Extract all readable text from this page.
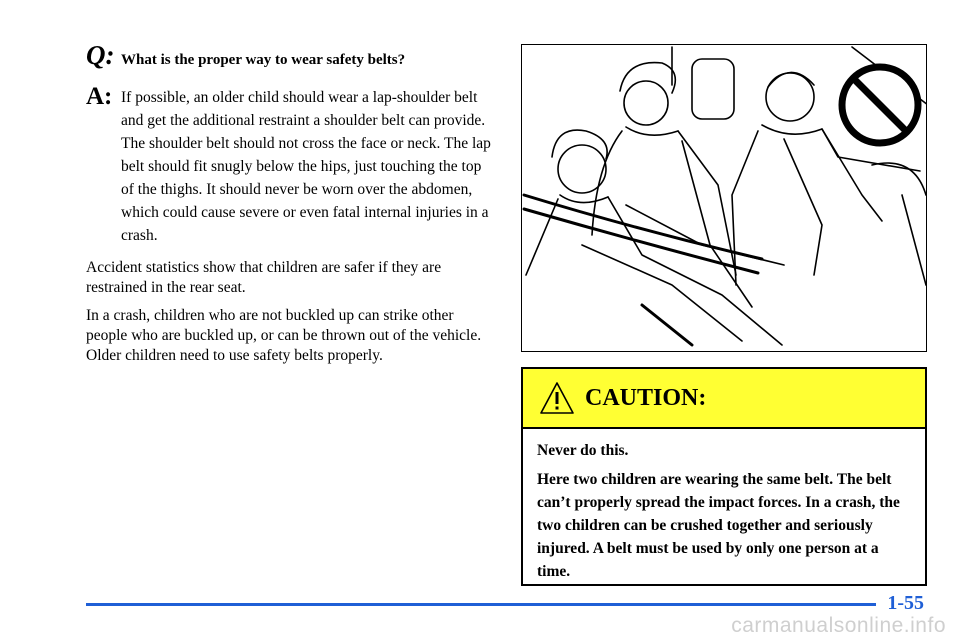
Q: What is the proper way to wear safety belts?
A: If possible, an older child should wear a lap-shoulder belt and get the additional restraint a shoulder belt can provide. The shoulder belt should not cross the face or neck. The lap belt should fit snugly below the hips, just touching the top of the thighs. It should never be worn over the abdomen, which could cause severe or even fatal internal injuries in a crash.

Accident statistics show that children are safer if they are restrained in the rear seat.

In a crash, children who are not buckled up can strike other people who are buckled up, or can be thrown out of the vehicle. Older children need to use safety belts properly.

CAUTION:

Never do this.

Here two children are wearing the same belt. The belt can’t properly spread the impact forces. In a crash, the two children can be crushed together and seriously injured. A belt must be used by only one person at a time.

1-55
carmanualsonline.info
